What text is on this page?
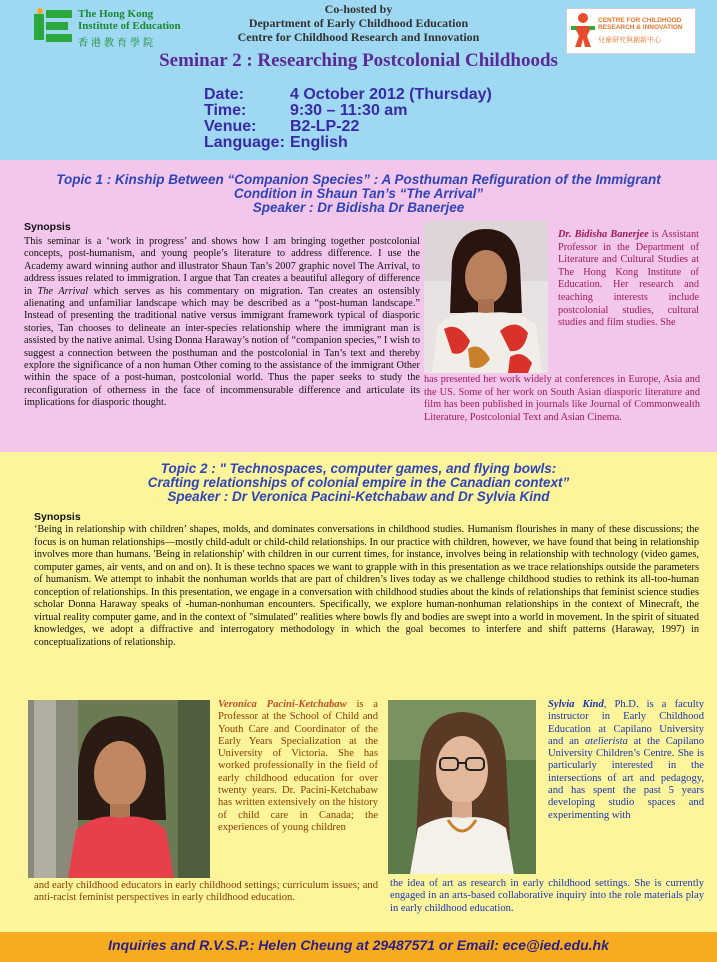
The Hong Kong
Institute of Education
香港教育學院
CENTRE FOR CHILDHOOD
RESEARCH & INNOVATION
兒童研究與創新中心
Co-hosted by
Department of Early Childhood Education
Centre for Childhood Research and Innovation
Seminar 2 : Researching Postcolonial Childhoods
Date:	4 October 2012 (Thursday)
Time:	9:30 – 11:30 am
Venue: B2-LP-22
Language: English
Topic 1 : Kinship Between “Companion Species” : A Posthuman Refiguration of the Immigrant
Condition in Shaun Tan’s “The Arrival”
Speaker : Dr Bidisha Dr Banerjee
Synopsis
This seminar is a ‘work in progress’ and shows how I am bringing together postcolonial concepts, post-humanism, and young people’s literature to address difference. I use the Academy award winning author and illustrator Shaun Tan’s 2007 graphic novel The Arrival, to address issues related to immigration. I argue that Tan creates a beautiful allegory of difference in The Arrival which serves as his commentary on migration. Tan creates an ostensibly alienating and unfamiliar landscape which may be described as a “post-human landscape.” Instead of presenting the traditional native versus immigrant framework typical of diasporic stories, Tan chooses to delineate an inter-species relationship where the immigrant man is assisted by the native animal. Using Donna Haraway’s notion of “companion species,” I wish to suggest a connection between the posthuman and the postcolonial in Tan’s text and thereby explore the significance of a non human Other coming to the assistance of the immigrant Other within the space of a post-human, postcolonial world. Thus the paper seeks to study the reconfiguration of otherness in the face of incommensurable difference and articulate its implications for diasporic thought.
Dr. Bidisha Banerjee is Assistant Professor in the Department of Literature and Cultural Studies at The Hong Kong Institute of Education. Her research and teaching interests include postcolonial studies, cultural studies and film studies. She
has presented her work widely at conferences in Europe, Asia and the US. Some of her work on South Asian diasporic literature and film has been published in journals like Journal of Commonwealth Literature, Postcolonial Text and Asian Cinema.
Topic 2 : " Technospaces, computer games, and flying bowls:
Crafting relationships of colonial empire in the Canadian context”
Speaker : Dr Veronica Pacini-Ketchabaw and Dr Sylvia Kind
Synopsis
‘Being in relationship with children’ shapes, molds, and dominates conversations in childhood studies. Humanism flourishes in many of these discussions; the focus is on human relationships—mostly child-adult or child-child relationships. In our practice with children, however, we have found that being in relationship involves more than humans. 'Being in relationship' with children in our current times, for instance, involves being in relationship with technology (video games, computer games, air vents, and on and on). It is these techno spaces we want to grapple with in this presentation as we trace relationships outside the parameters of humanism. We attempt to inhabit the nonhuman worlds that are part of children’s lives today as we challenge childhood studies to rethink its all-too-human conception of relationships. In this presentation, we engage in a conversation with childhood studies about the kinds of relationships that feminist science studies scholar Donna Haraway speaks of -human-nonhuman encounters. Specifically, we explore human-nonhuman relationships in the context of Minecraft, the virtual reality computer game, and in the context of "simulated" realities where bowls fly and bodies are swept into a world in movement. In the spirit of situated knowledges, we adopt a diffractive and interrogatory methodology in which the goal becomes to interfere and shift patterns (Haraway, 1997) in conceptualizations of relationship.
Veronica Pacini-Ketchabaw is a Professor at the School of Child and Youth Care and Coordinator of the Early Years Specialization at the University of Victoria. She has worked professionally in the field of early childhood education for over twenty years. Dr. Pacini-Ketchabaw has written extensively on the history of child care in Canada; the experiences of young children
and early childhood educators in early childhood settings; curriculum issues; and anti-racist feminist perspectives in early childhood education.
Sylvia Kind, Ph.D. is a faculty instructor in Early Childhood Education at Capilano University and an atelierista at the Capilano University Children’s Centre. She is particularly interested in the intersections of art and pedagogy, and has spent the past 5 years developing studio spaces and experimenting with
the idea of art as research in early childhood settings. She is currently engaged in an arts-based collaborative inquiry into the role materials play in early childhood education.
Inquiries and R.V.S.P.: Helen Cheung at 29487571 or Email: ece@ied.edu.hk
